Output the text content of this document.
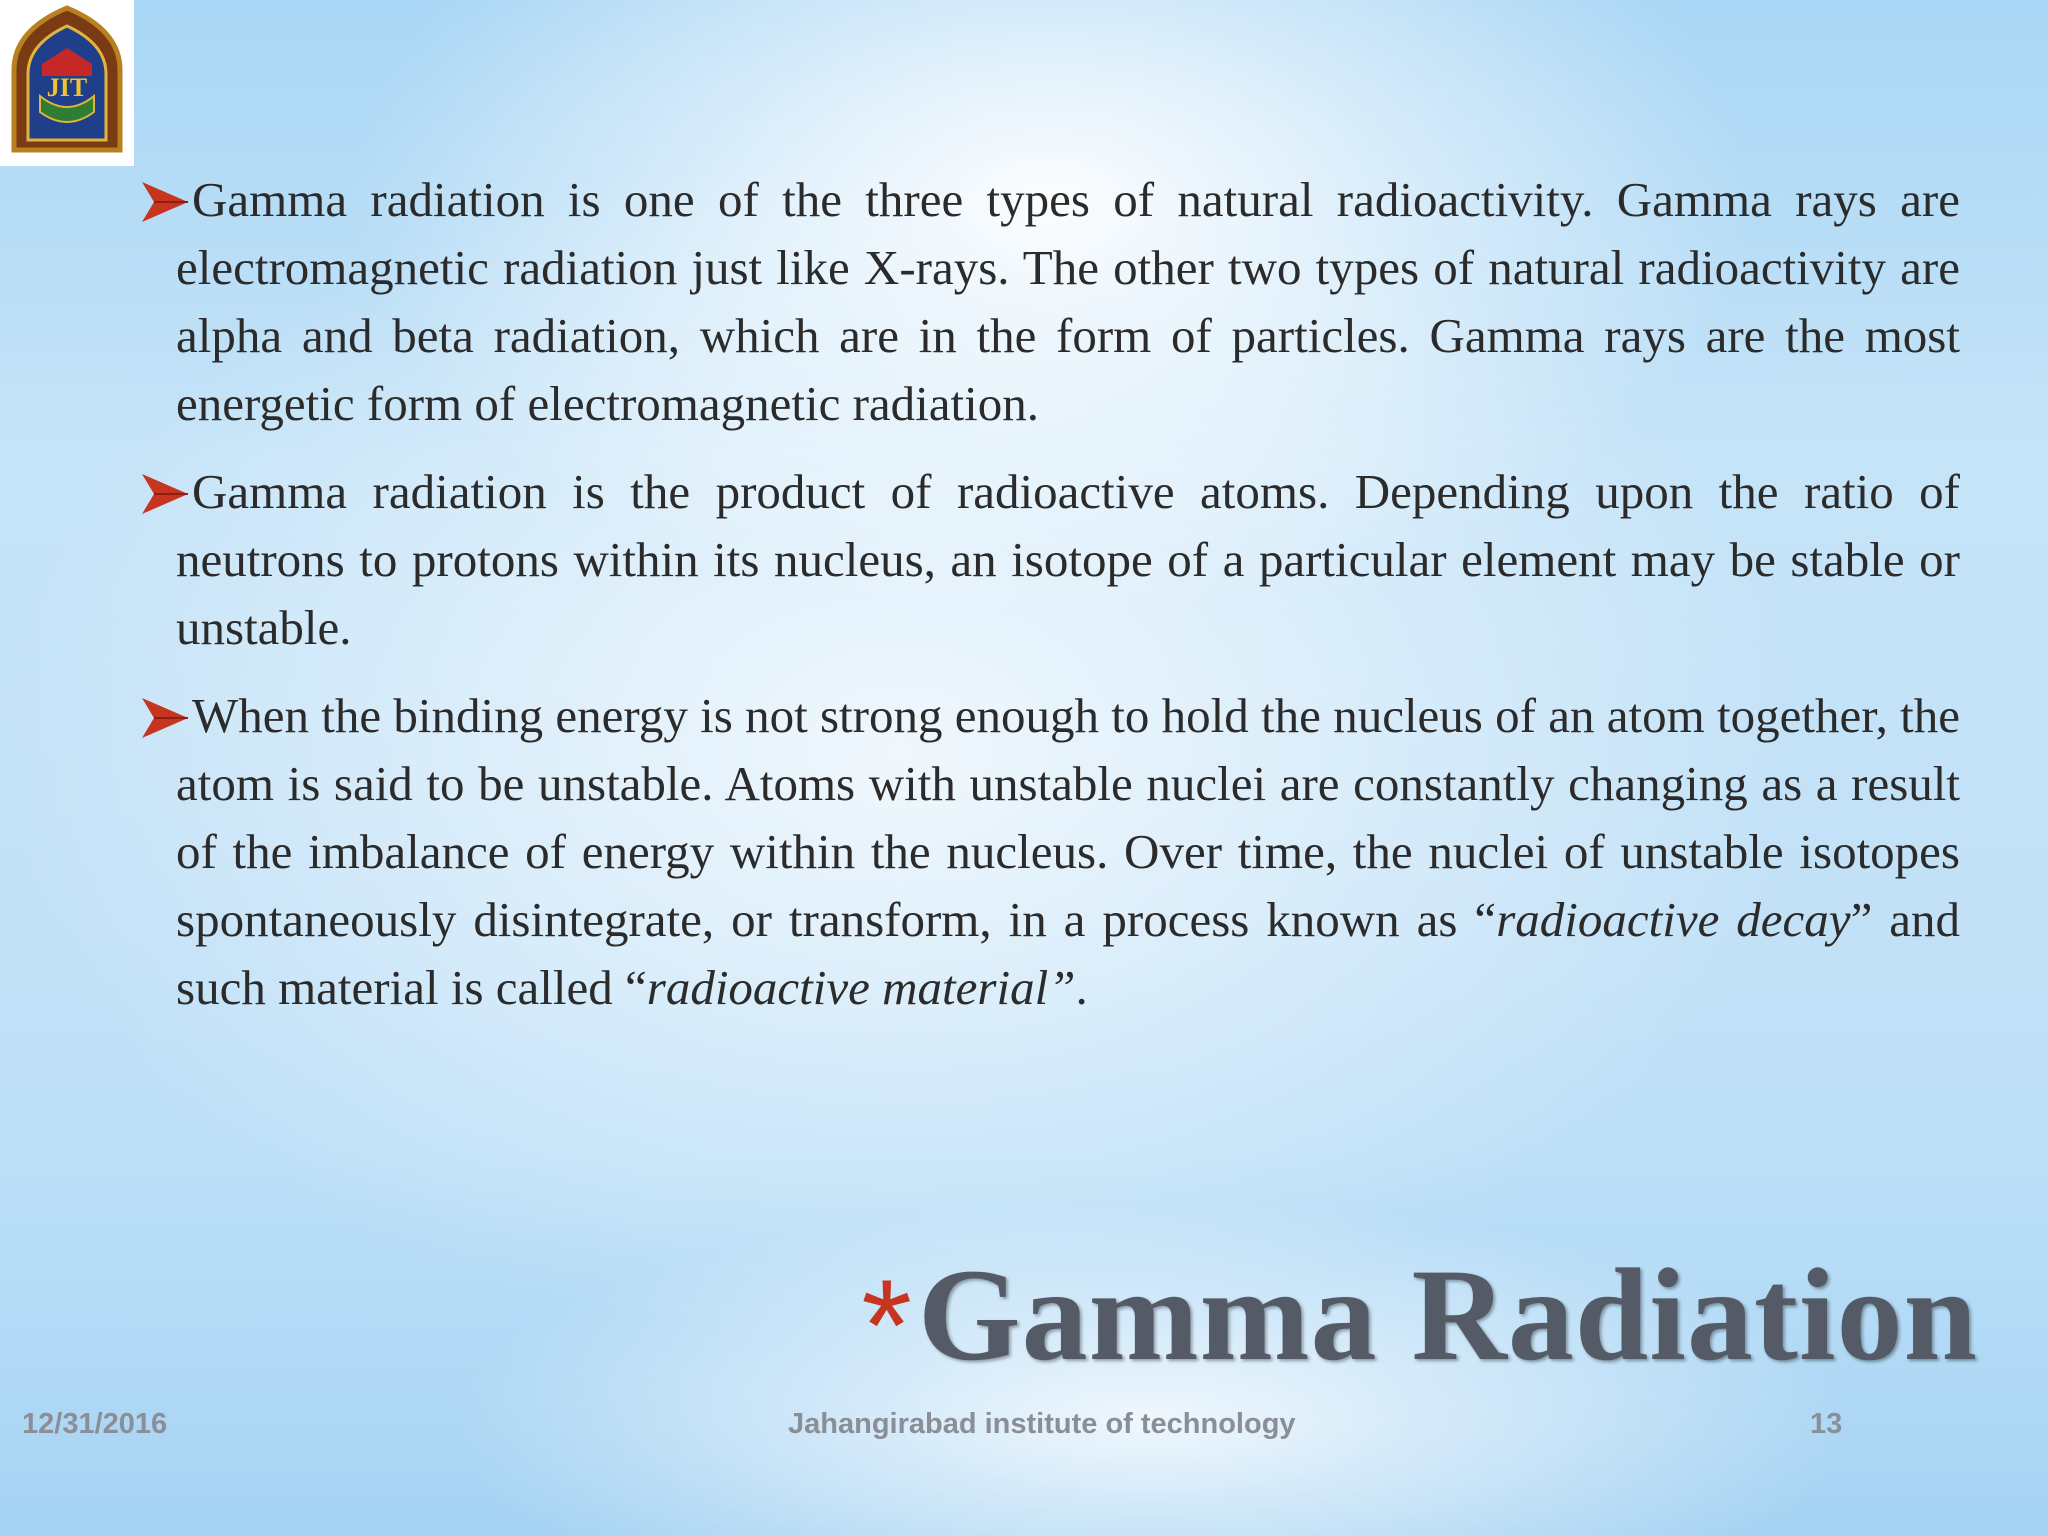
JIT
Gamma radiation is one of the three types of natural radioactivity. Gamma rays are electromagnetic radiation just like X-rays. The other two types of natural radioactivity are alpha and beta radiation, which are in the form of particles. Gamma rays are the most energetic form of electromagnetic radiation.
Gamma radiation is the product of radioactive atoms. Depending upon the ratio of neutrons to protons within its nucleus, an isotope of a particular element may be stable or unstable.
When the binding energy is not strong enough to hold the nucleus of an atom together, the atom is said to be unstable. Atoms with unstable nuclei are constantly changing as a result of the imbalance of energy within the nucleus. Over time, the nuclei of unstable isotopes spontaneously disintegrate, or transform, in a process known as “radioactive decay” and such material is called “radioactive material”.
* Gamma Radiation
12/31/2016	Jahangirabad institute of technology	13
